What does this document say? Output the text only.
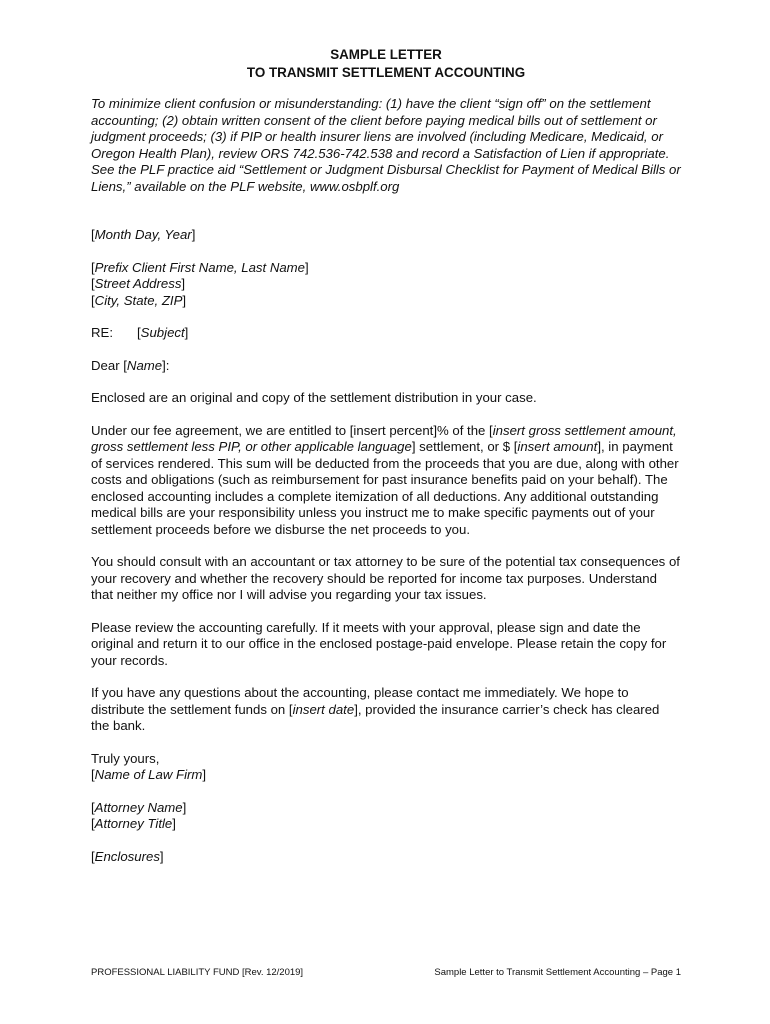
SAMPLE LETTER

TO TRANSMIT SETTLEMENT ACCOUNTING

To minimize client confusion or misunderstanding: (1) have the client “sign off” on the settlement accounting; (2) obtain written consent of the client before paying medical bills out of settlement or judgment proceeds; (3) if PIP or health insurer liens are involved (including Medicare, Medicaid, or Oregon Health Plan), review ORS 742.536-742.538 and record a Satisfaction of Lien if appropriate. See the PLF practice aid “Settlement or Judgment Disbursal Checklist for Payment of Medical Bills or Liens,” available on the PLF website, www.osbplf.org

[Month Day, Year]

[Prefix Client First Name, Last Name]

[Street Address]

[City, State, ZIP]

RE: [Subject]

Dear [Name]:

Enclosed are an original and copy of the settlement distribution in your case.

Under our fee agreement, we are entitled to [insert percent]% of the [insert gross settlement amount, gross settlement less PIP, or other applicable language] settlement, or $ [insert amount], in payment of services rendered. This sum will be deducted from the proceeds that you are due, along with other costs and obligations (such as reimbursement for past insurance benefits paid on your behalf). The enclosed accounting includes a complete itemization of all deductions. Any additional outstanding medical bills are your responsibility unless you instruct me to make specific payments out of your settlement proceeds before we disburse the net proceeds to you.

You should consult with an accountant or tax attorney to be sure of the potential tax consequences of your recovery and whether the recovery should be reported for income tax purposes. Understand that neither my office nor I will advise you regarding your tax issues.

Please review the accounting carefully. If it meets with your approval, please sign and date the original and return it to our office in the enclosed postage-paid envelope. Please retain the copy for your records.

If you have any questions about the accounting, please contact me immediately. We hope to distribute the settlement funds on [insert date], provided the insurance carrier’s check has cleared the bank.

Truly yours,

[Name of Law Firm]

[Attorney Name]

[Attorney Title]

[Enclosures]

PROFESSIONAL LIABILITY FUND [Rev. 12/2019]	Sample Letter to Transmit Settlement Accounting – Page 1
